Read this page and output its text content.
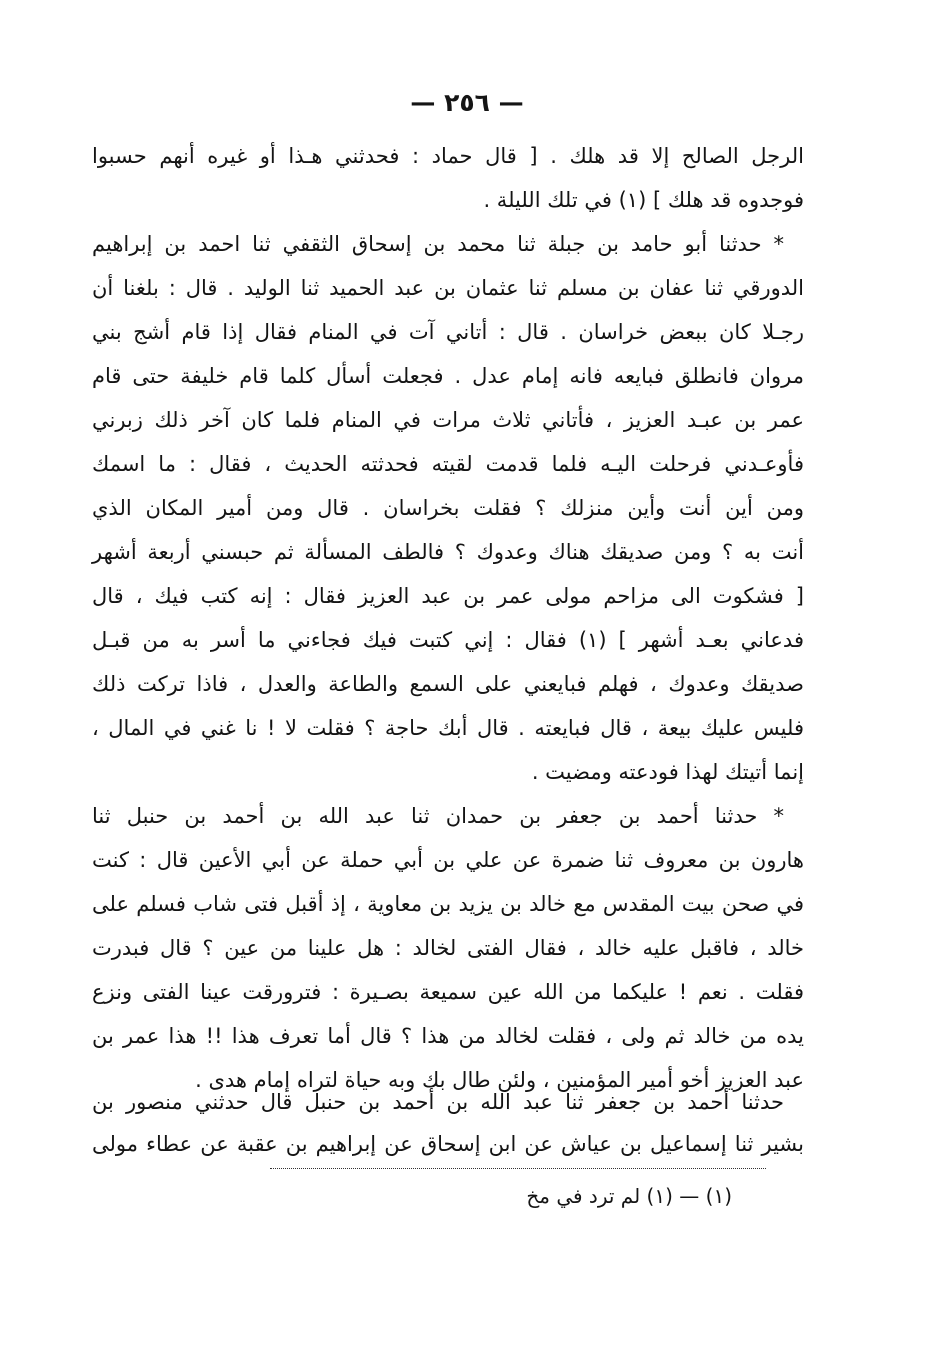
— ٢٥٦ —
الرجل الصالح إلا قد هلك . [ قال حماد : فحدثني هـذا أو غيره أنهم حسبوا
فوجدوه قد هلك ] (١) في تلك الليلة .
* حدثنا أبو حامد بن جبلة ثنا محمد بن إسحاق الثقفي ثنا احمد بن إبراهيم
الدورقي ثنا عفان بن مسلم ثنا عثمان بن عبد الحميد ثنا الوليد . قال : بلغنا أن
رجـلا كان ببعض خراسان . قال : أتاني آت في المنام فقال إذا قام أشج بني
مروان فانطلق فبايعه فانه إمام عدل . فجعلت أسأل كلما قام خليفة حتى قام
عمر بن عبـد العزيز ، فأتاني ثلاث مرات في المنام فلما كان آخر ذلك زبرني
فأوعـدني فرحلت اليـه فلما قدمت لقيته فحدثته الحديث ، فقال : ما اسمك
ومن أين أنت وأين منزلك ؟ فقلت بخراسان . قال ومن أمير المكان الذي
أنت به ؟ ومن صديقك هناك وعدوك ؟ فالطف المسألة ثم حبسني أربعة أشهر
[ فشكوت الى مزاحم مولى عمر بن عبد العزيز فقال : إنه كتب فيك ، قال
فدعاني بعـد أشهر ] (١) فقال : إني كتبت فيك فجاءني ما أسر به من قبـل
صديقك وعدوك ، فهلم فبايعني على السمع والطاعة والعدل ، فاذا تركت ذلك
فليس عليك بيعة ، قال فبايعته . قال أبك حاجة ؟ فقلت لا ! نا غني في المال ،
إنما أتيتك لهذا فودعته ومضيت .
* حدثنا أحمد بن جعفر بن حمدان ثنا عبد الله بن أحمد بن حنبل ثنا
هارون بن معروف ثنا ضمرة عن علي بن أبي حملة عن أبي الأعين قال : كنت
في صحن بيت المقدس مع خالد بن يزيد بن معاوية ، إذ أقبل فتى شاب فسلم على
خالد ، فاقبل عليه خالد ، فقال الفتى لخالد : هل علينا من عين ؟ قال فبدرت
فقلت . نعم ! عليكما من الله عين سميعة بصـيرة : فترورقت عينا الفتى ونزع
يده من خالد ثم ولى ، فقلت لخالد من هذا ؟ قال أما تعرف هذا !! هذا عمر بن
عبد العزيز أخو أمير المؤمنين ، ولئن طال بك وبه حياة لتراه إمام هدى .
(١) — (١) لم ترد في مخ
حدثنا أحمد بن جعفر ثنا عبد الله بن أحمد بن حنبل قال حدثني منصور بن
بشير ثنا إسماعيل بن عياش عن ابن إسحاق عن إبراهيم بن عقبة عن عطاء مولى
